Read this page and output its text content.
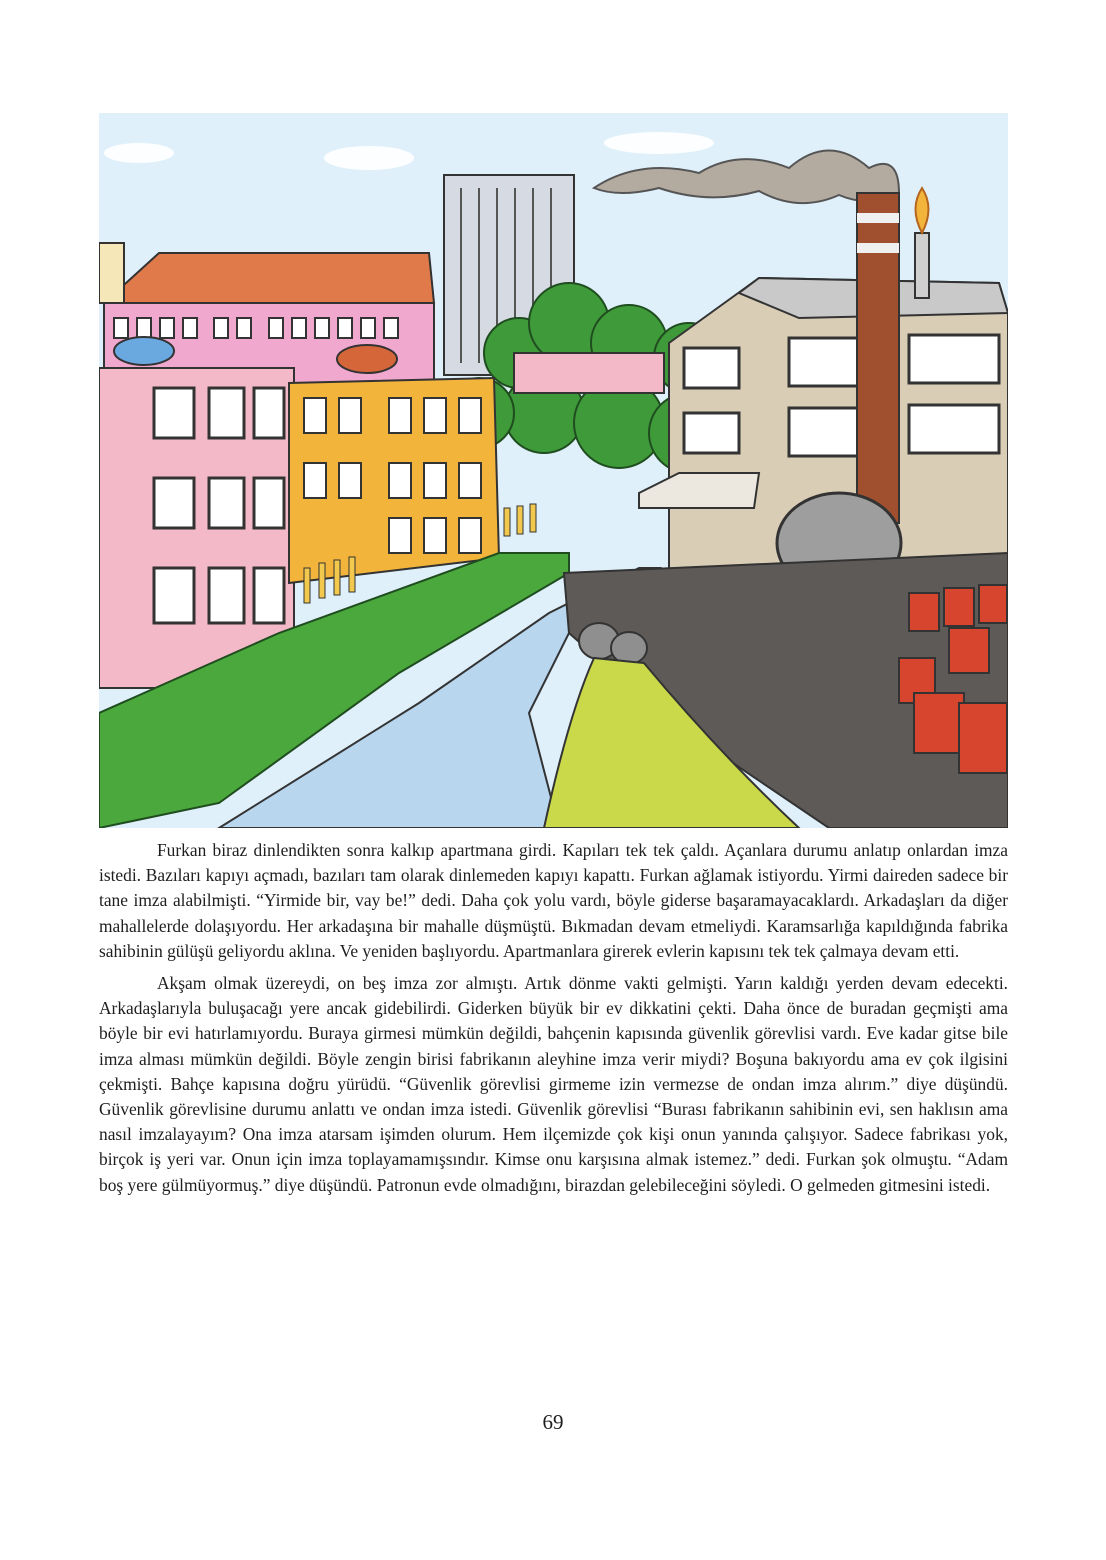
Furkan biraz dinlendikten sonra kalkıp apartmana girdi. Kapıları tek tek çaldı. Açanlara durumu anlatıp onlardan imza istedi. Bazıları kapıyı açmadı, bazıları tam olarak dinlemeden kapıyı kapattı. Furkan ağlamak istiyordu. Yirmi daireden sadece bir tane imza alabilmişti. “Yirmide bir, vay be!” dedi. Daha çok yolu vardı, böyle giderse başaramayacaklardı. Arkadaşları da diğer mahallelerde dolaşıyordu. Her arkadaşına bir mahalle düşmüştü. Bıkmadan devam etmeliydi. Karamsarlığa kapıldığında fabrika sahibinin gülüşü geliyordu aklına. Ve yeniden başlıyordu. Apartmanlara girerek evlerin kapısını tek tek çalmaya devam etti.

Akşam olmak üzereydi, on beş imza zor almıştı. Artık dönme vakti gelmişti. Yarın kaldığı yerden devam edecekti. Arkadaşlarıyla buluşacağı yere ancak gidebilirdi. Giderken büyük bir ev dikkatini çekti. Daha önce de buradan geçmişti ama böyle bir evi hatırlamıyordu. Buraya girmesi mümkün değildi, bahçenin kapısında güvenlik görevlisi vardı. Eve kadar gitse bile imza alması mümkün değildi. Böyle zengin birisi fabrikanın aleyhine imza verir miydi? Boşuna bakıyordu ama ev çok ilgisini çekmişti. Bahçe kapısına doğru yürüdü. “Güvenlik görevlisi girmeme izin vermezse de ondan imza alırım.” diye düşündü. Güvenlik görevlisine durumu anlattı ve ondan imza istedi. Güvenlik görevlisi “Burası fabrikanın sahibinin evi, sen haklısın ama nasıl imzalayayım? Ona imza atarsam işimden olurum. Hem ilçemizde çok kişi onun yanında çalışıyor. Sadece fabrikası yok, birçok iş yeri var. Onun için imza toplayamamışsındır. Kimse onu karşısına almak istemez.” dedi. Furkan şok olmuştu. “Adam boş yere gülmüyormuş.” diye düşündü. Patronun evde olmadığını, birazdan gelebileceğini söyledi. O gelmeden gitmesini istedi.

69
